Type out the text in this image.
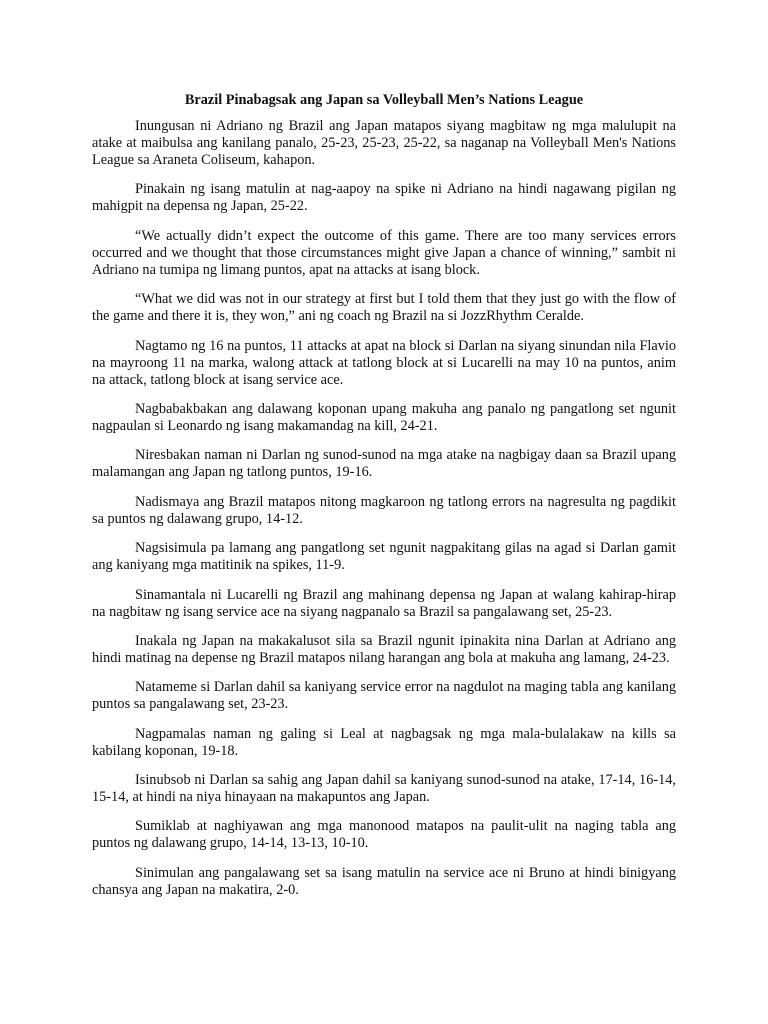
Brazil Pinabagsak ang Japan sa Volleyball Men’s Nations League

Inungusan ni Adriano ng Brazil ang Japan matapos siyang magbitaw ng mga malulupit na atake at maibulsa ang kanilang panalo, 25-23, 25-23, 25-22, sa naganap na Volleyball Men's Nations League sa Araneta Coliseum, kahapon.

Pinakain ng isang matulin at nag-aapoy na spike ni Adriano na hindi nagawang pigilan ng mahigpit na depensa ng Japan, 25-22.

“We actually didn’t expect the outcome of this game. There are too many services errors occurred and we thought that those circumstances might give Japan a chance of winning,” sambit ni Adriano na tumipa ng limang puntos, apat na attacks at isang block.

“What we did was not in our strategy at first but I told them that they just go with the flow of the game and there it is, they won,” ani ng coach ng Brazil na si JozzRhythm Ceralde.

Nagtamo ng 16 na puntos, 11 attacks at apat na block si Darlan na siyang sinundan nila Flavio na mayroong 11 na marka, walong attack at tatlong block at si Lucarelli na may 10 na puntos, anim na attack, tatlong block at isang service ace.

Nagbabakbakan ang dalawang koponan upang makuha ang panalo ng pangatlong set ngunit nagpaulan si Leonardo ng isang makamandag na kill, 24-21.

Niresbakan naman ni Darlan ng sunod-sunod na mga atake na nagbigay daan sa Brazil upang malamangan ang Japan ng tatlong puntos, 19-16.

Nadismaya ang Brazil matapos nitong magkaroon ng tatlong errors na nagresulta ng pagdikit sa puntos ng dalawang grupo, 14-12.

Nagsisimula pa lamang ang pangatlong set ngunit nagpakitang gilas na agad si Darlan gamit ang kaniyang mga matitinik na spikes, 11-9.

Sinamantala ni Lucarelli ng Brazil ang mahinang depensa ng Japan at walang kahirap-hirap na nagbitaw ng isang service ace na siyang nagpanalo sa Brazil sa pangalawang set, 25-23.

Inakala ng Japan na makakalusot sila sa Brazil ngunit ipinakita nina Darlan at Adriano ang hindi matinag na depense ng Brazil matapos nilang harangan ang bola at makuha ang lamang, 24-23.

Natameme si Darlan dahil sa kaniyang service error na nagdulot na maging tabla ang kanilang puntos sa pangalawang set, 23-23.

Nagpamalas naman ng galing si Leal at nagbagsak ng mga mala-bulalakaw na kills sa kabilang koponan, 19-18.

Isinubsob ni Darlan sa sahig ang Japan dahil sa kaniyang sunod-sunod na atake, 17-14, 16-14, 15-14, at hindi na niya hinayaan na makapuntos ang Japan.

Sumiklab at naghiyawan ang mga manonood matapos na paulit-ulit na naging tabla ang puntos ng dalawang grupo, 14-14, 13-13, 10-10.

Sinimulan ang pangalawang set sa isang matulin na service ace ni Bruno at hindi binigyang chansya ang Japan na makatira, 2-0.
